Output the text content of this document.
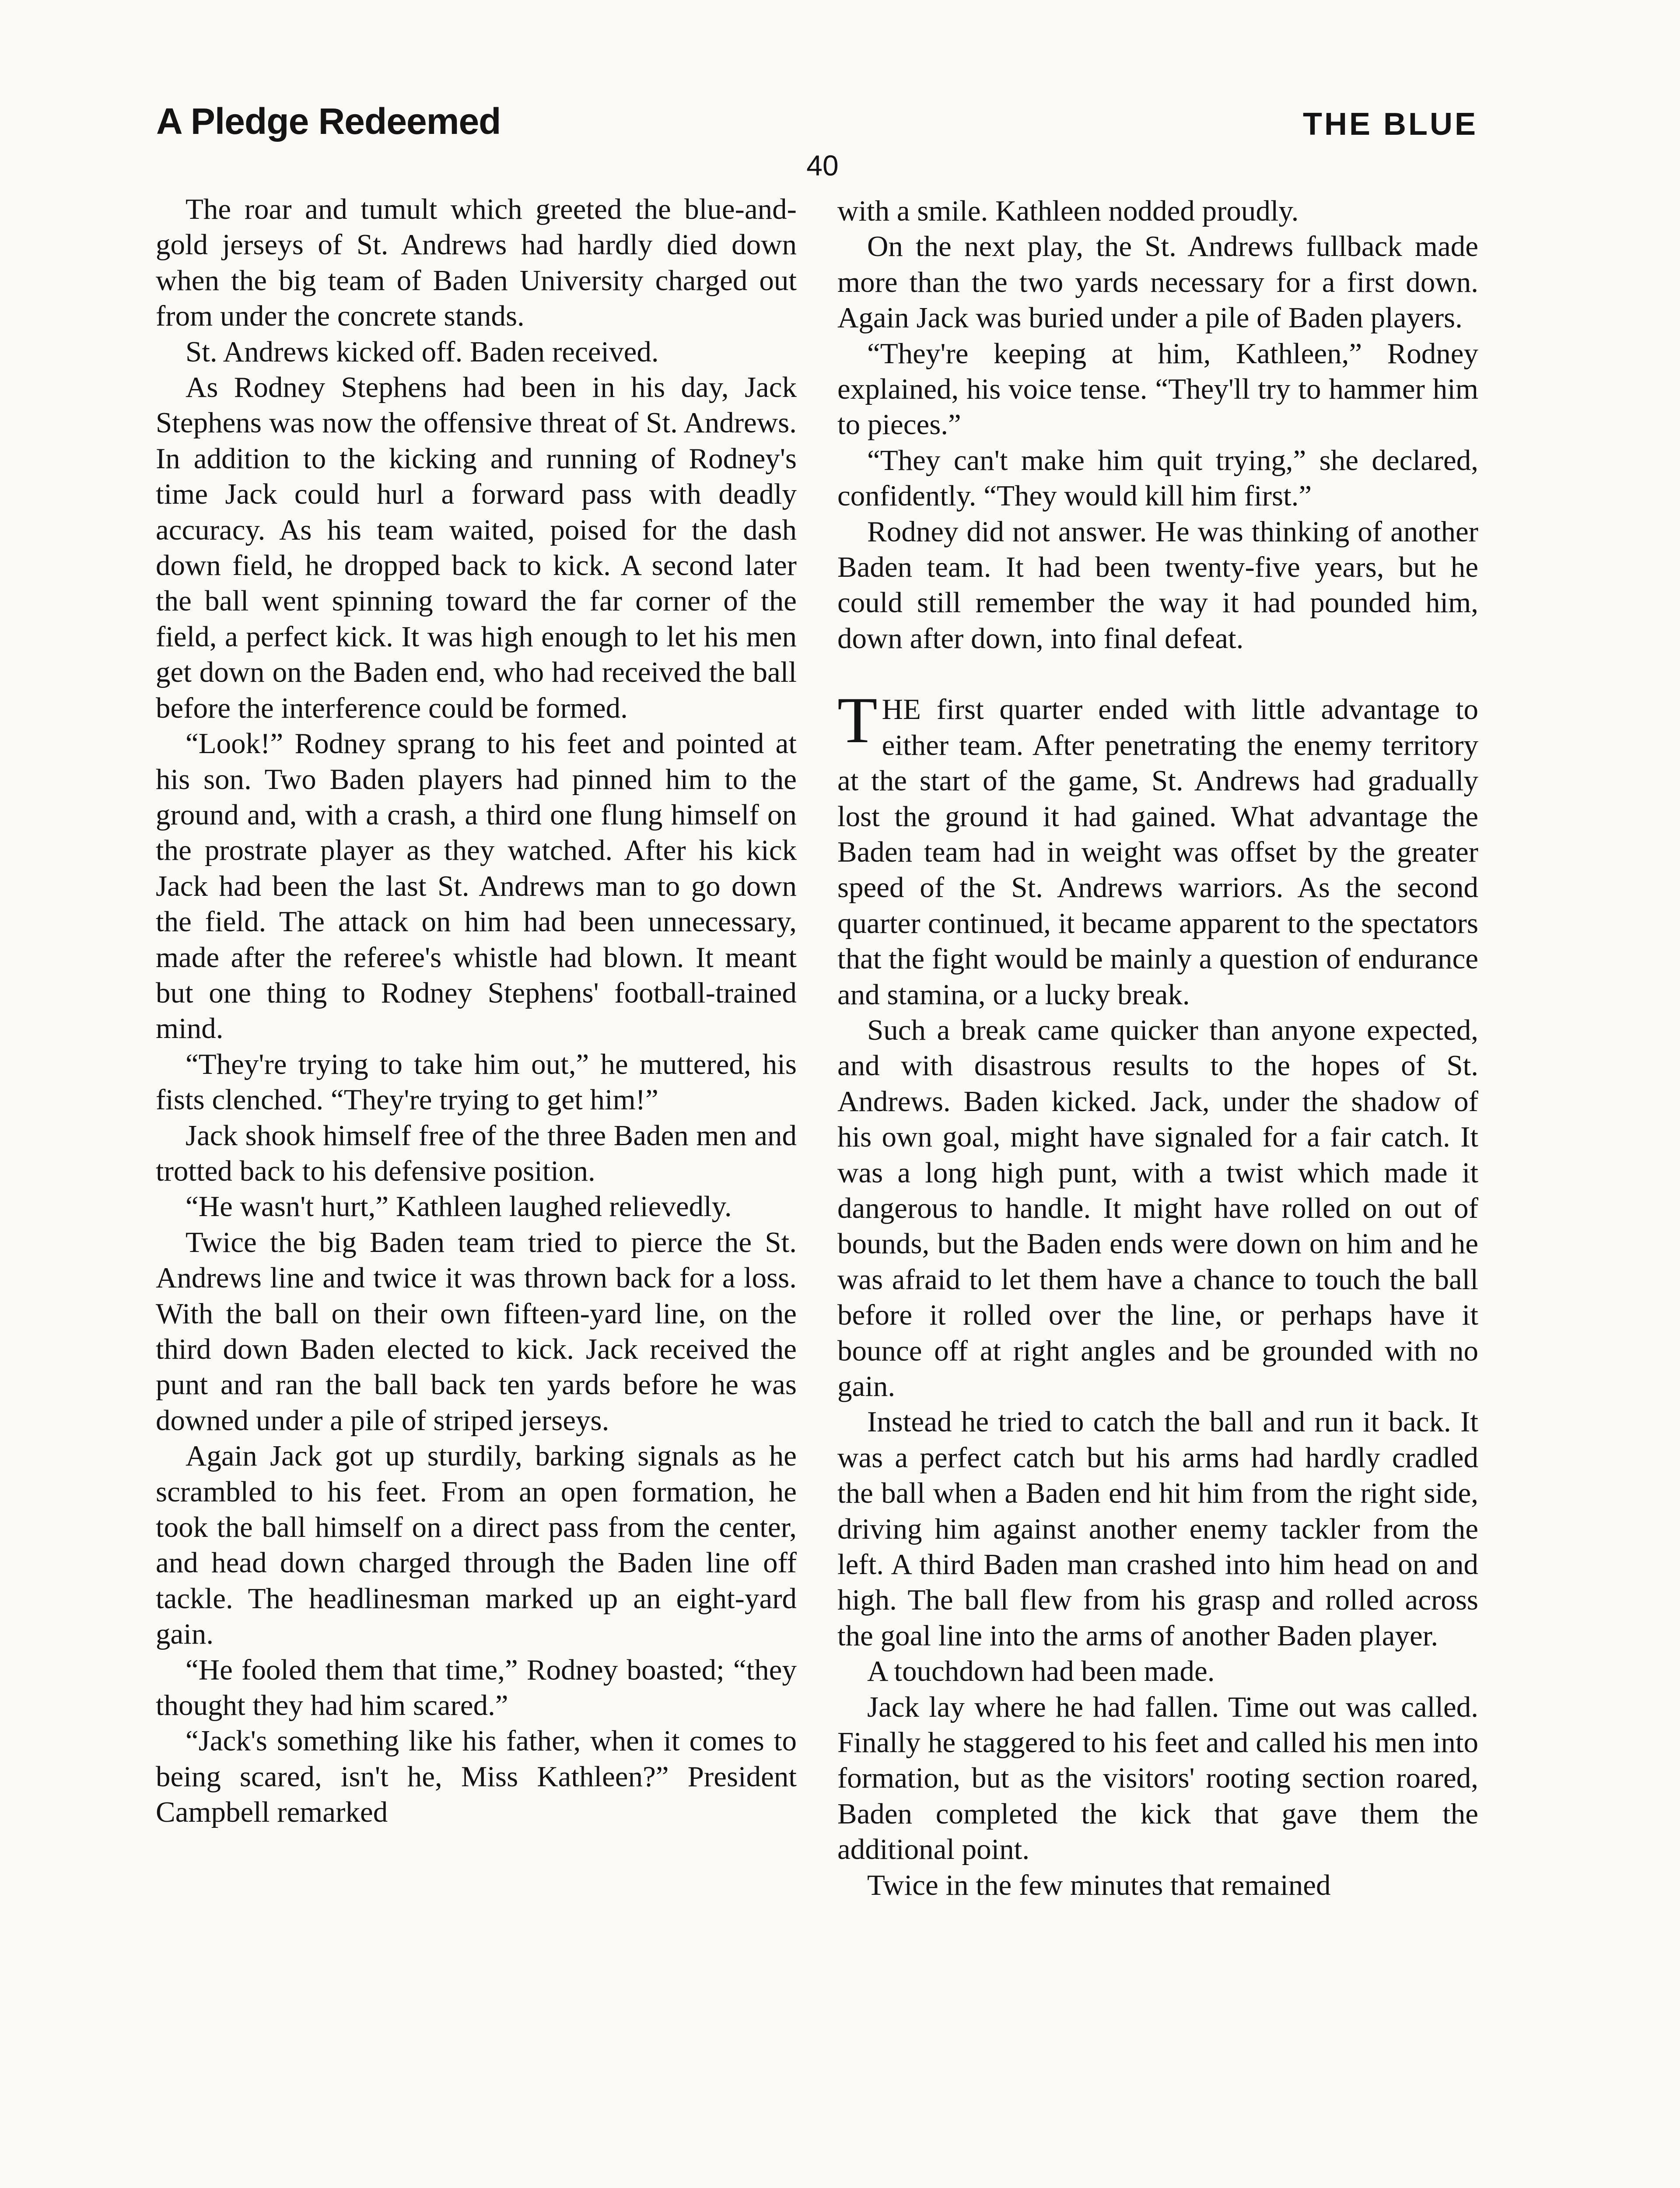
A Pledge Redeemed	THE BLUE
40

The roar and tumult which greeted the blue-and-gold jerseys of St. Andrews had hardly died down when the big team of Baden University charged out from under the concrete stands.

St. Andrews kicked off. Baden received.

As Rodney Stephens had been in his day, Jack Stephens was now the offensive threat of St. Andrews. In addition to the kicking and running of Rodney's time Jack could hurl a forward pass with deadly accuracy. As his team waited, poised for the dash down field, he dropped back to kick. A second later the ball went spinning toward the far corner of the field, a perfect kick. It was high enough to let his men get down on the Baden end, who had received the ball before the interference could be formed.

“Look!” Rodney sprang to his feet and pointed at his son. Two Baden players had pinned him to the ground and, with a crash, a third one flung himself on the prostrate player as they watched. After his kick Jack had been the last St. Andrews man to go down the field. The attack on him had been unnecessary, made after the referee's whistle had blown. It meant but one thing to Rodney Stephens' football-trained mind.

“They're trying to take him out,” he muttered, his fists clenched. “They're trying to get him!”

Jack shook himself free of the three Baden men and trotted back to his defensive position.

“He wasn't hurt,” Kathleen laughed relievedly.

Twice the big Baden team tried to pierce the St. Andrews line and twice it was thrown back for a loss. With the ball on their own fifteen-yard line, on the third down Baden elected to kick. Jack received the punt and ran the ball back ten yards before he was downed under a pile of striped jerseys.

Again Jack got up sturdily, barking signals as he scrambled to his feet. From an open formation, he took the ball himself on a direct pass from the center, and head down charged through the Baden line off tackle. The headlinesman marked up an eight-yard gain.

“He fooled them that time,” Rodney boasted; “they thought they had him scared.”

“Jack's something like his father, when it comes to being scared, isn't he, Miss Kathleen?” President Campbell remarked

with a smile. Kathleen nodded proudly.

On the next play, the St. Andrews fullback made more than the two yards necessary for a first down. Again Jack was buried under a pile of Baden players.

“They're keeping at him, Kathleen,” Rodney explained, his voice tense. “They'll try to hammer him to pieces.”

“They can't make him quit trying,” she declared, confidently. “They would kill him first.”

Rodney did not answer. He was thinking of another Baden team. It had been twenty-five years, but he could still remember the way it had pounded him, down after down, into final defeat.

THE first quarter ended with little advantage to either team. After penetrating the enemy territory at the start of the game, St. Andrews had gradually lost the ground it had gained. What advantage the Baden team had in weight was offset by the greater speed of the St. Andrews warriors. As the second quarter continued, it became apparent to the spectators that the fight would be mainly a question of endurance and stamina, or a lucky break.

Such a break came quicker than anyone expected, and with disastrous results to the hopes of St. Andrews. Baden kicked. Jack, under the shadow of his own goal, might have signaled for a fair catch. It was a long high punt, with a twist which made it dangerous to handle. It might have rolled on out of bounds, but the Baden ends were down on him and he was afraid to let them have a chance to touch the ball before it rolled over the line, or perhaps have it bounce off at right angles and be grounded with no gain.

Instead he tried to catch the ball and run it back. It was a perfect catch but his arms had hardly cradled the ball when a Baden end hit him from the right side, driving him against another enemy tackler from the left. A third Baden man crashed into him head on and high. The ball flew from his grasp and rolled across the goal line into the arms of another Baden player.

A touchdown had been made.

Jack lay where he had fallen. Time out was called. Finally he staggered to his feet and called his men into formation, but as the visitors' rooting section roared, Baden completed the kick that gave them the additional point.

Twice in the few minutes that remained
